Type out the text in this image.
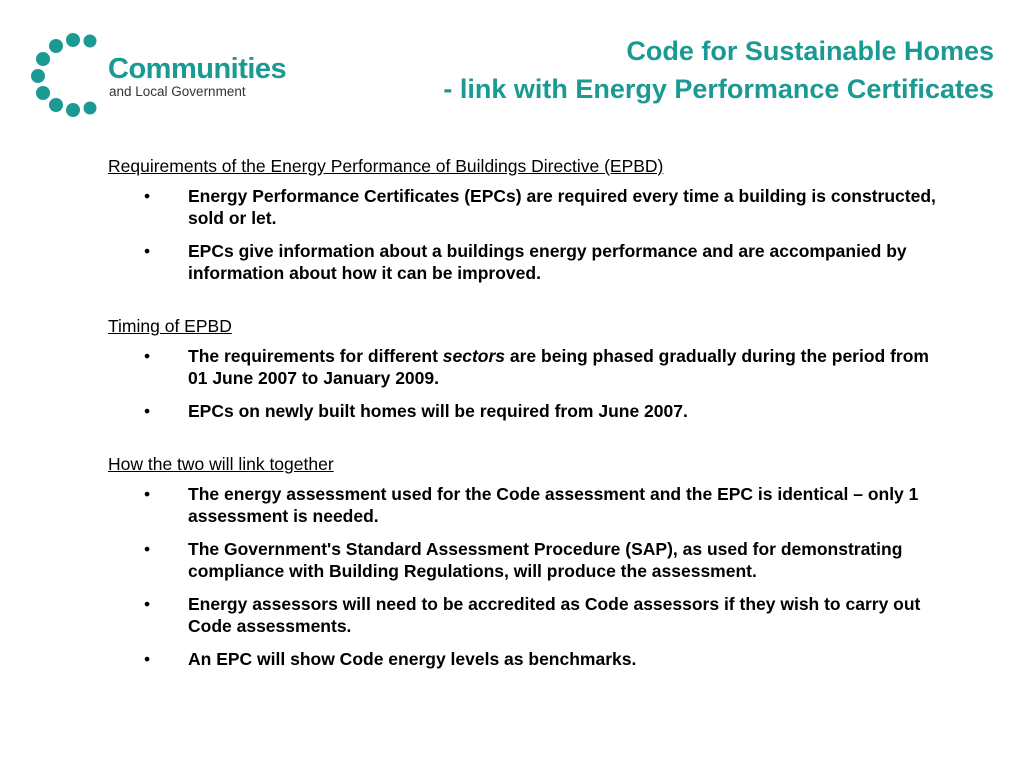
Communities
and Local Government
Code for Sustainable Homes
- link with Energy Performance Certificates
Requirements of the Energy Performance of Buildings Directive (EPBD)
• Energy Performance Certificates (EPCs) are required every time a building is constructed, sold or let.
• EPCs give information about a buildings energy performance and are accompanied by information about how it can be improved.
Timing of EPBD
• The requirements for different sectors are being phased gradually during the period from 01 June 2007 to January 2009.
• EPCs on newly built homes will be required from June 2007.
How the two will link together
• The energy assessment used for the Code assessment and the EPC is identical – only 1 assessment is needed.
• The Government's Standard Assessment Procedure (SAP), as used for demonstrating compliance with Building Regulations, will produce the assessment.
• Energy assessors will need to be accredited as Code assessors if they wish to carry out Code assessments.
• An EPC will show Code energy levels as benchmarks.
